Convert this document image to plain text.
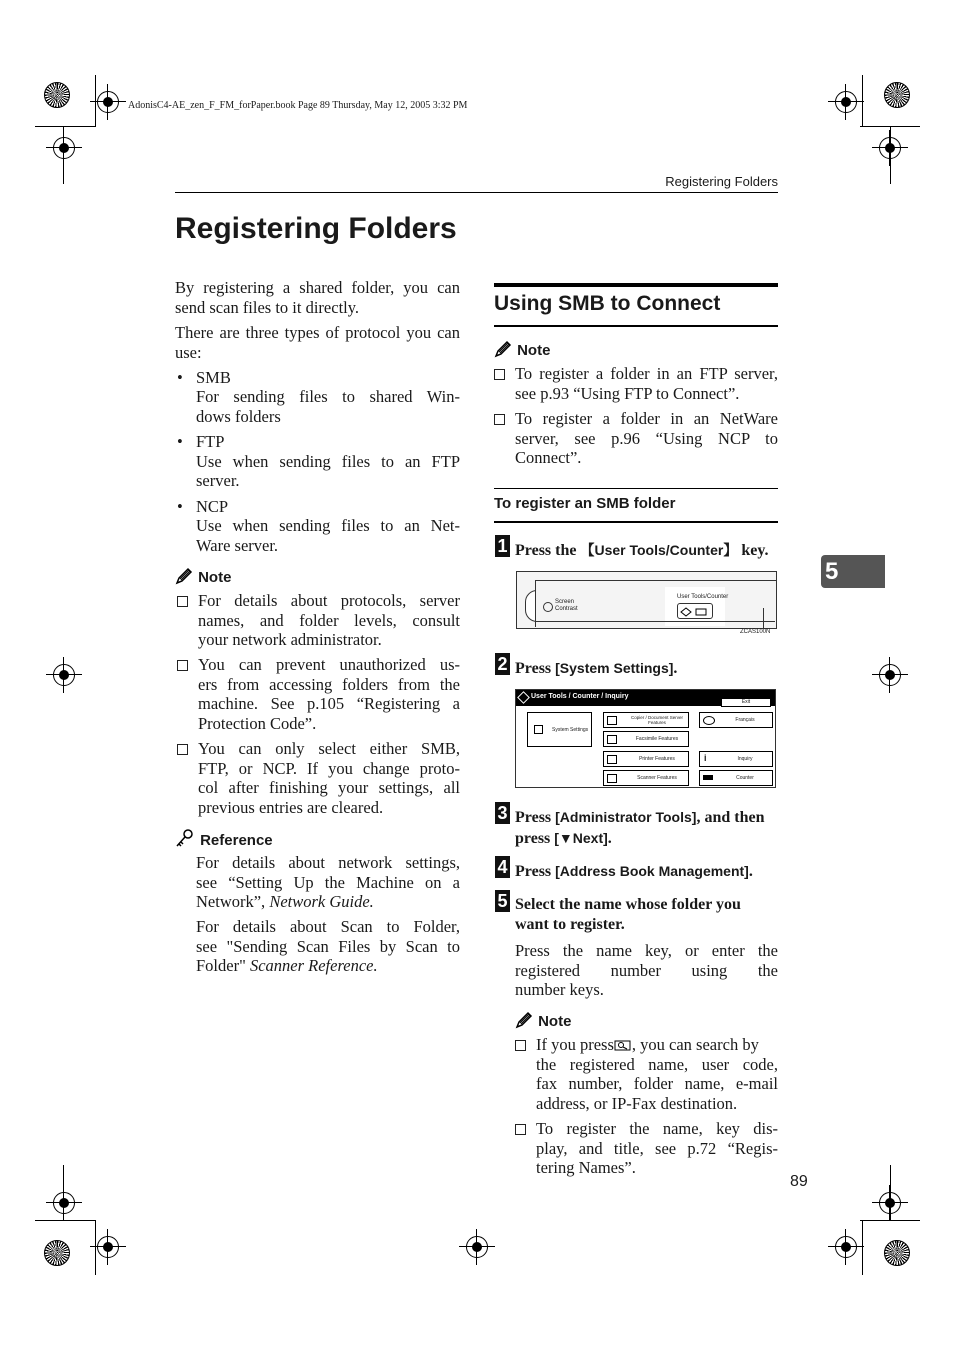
AdonisC4-AE_zen_F_FM_forPaper.book Page 89 Thursday, May 12, 2005 3:32 PM
Registering Folders
Registering Folders
5
By registering a shared folder, you can send scan files to it directly.
There are three types of protocol you can use:
• SMB
For sending files to shared Win-
dows folders
• FTP
Use when sending files to an FTP
server.
• NCP
Use when sending files to an Net-
Ware server.
Note
For details about protocols, server
names, and folder levels, consult
your network administrator.
You can prevent unauthorized us-
ers from accessing folders from the
machine. See p.105 “Registering a
Protection Code”.
You can only select either SMB,
FTP, or NCP. If you change proto-
col after finishing your settings, all
previous entries are cleared.
Reference
For details about network settings,
see “Setting Up the Machine on a
Network”, Network Guide.
For details about Scan to Folder,
see "Sending Scan Files by Scan to
Folder" Scanner Reference.
Using SMB to Connect
Note
To register a folder in an FTP server,
see p.93 “Using FTP to Connect”.
To register a folder in an NetWare
server, see p.96 “Using NCP to
Connect”.
To register an SMB folder
1 Press the 【User Tools/Counter】 key.
Screen
Contrast
User Tools/Counter
ZCAS100N
2 Press [System Settings].
User Tools / Counter / Inquiry
Exit
System Settings
Copier / Document Server Features
Facsimile Features
Printer Features
Scanner Features
Français
i	Inquiry
Counter
3 Press [Administrator Tools], and then
press [▼Next].
4 Press [Address Book Management].
5 Select the name whose folder you
want to register.
Press the name key, or enter the
registered number using the
number keys.
Note
If you press , you can search by
the registered name, user code,
fax number, folder name, e-mail
address, or IP-Fax destination.
To register the name, key dis-
play, and title, see p.72 “Regis-
tering Names”.
89
